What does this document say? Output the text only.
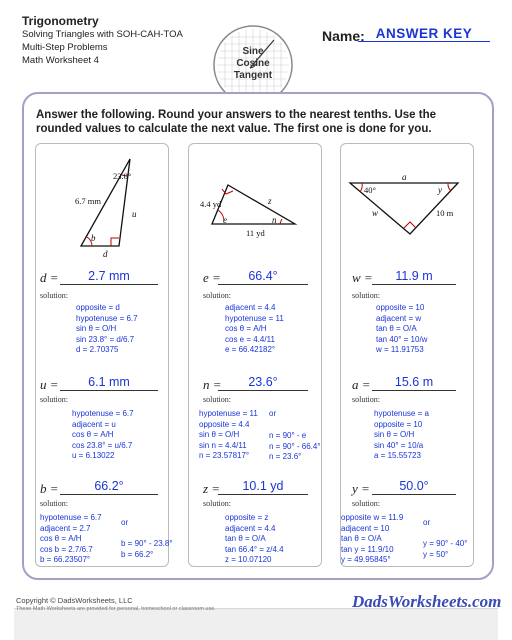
Trigonometry
Solving Triangles with SOH-CAH-TOA
Multi-Step Problems
Math Worksheet 4
Sine
Cosine
Tangent
Name: ANSWER KEY
Answer the following. Round your answers to the nearest tenths. Use the rounded values to calculate the next value. The first one is done for you.
23.8°
6.7 mm
u
d
b
d =	2.7 mm
solution:
opposite = d
hypotenuse = 6.7
sin θ = O/H
sin 23.8° = d/6.7
d = 2.70375
u =	6.1 mm
solution:
hypotenuse = 6.7
adjacent = u
cos θ = A/H
cos 23.8° = u/6.7
u = 6.13022
b =	66.2°
solution:
hypotenuse = 6.7
adjacent = 2.7
cos θ = A/H
cos b = 2.7/6.7
b = 66.23507°
or
b = 90° - 23.8°
b = 66.2°
4.4 yd
11 yd
z
e	n
e =	66.4°
solution:
adjacent = 4.4
hypotenuse = 11
cos θ = A/H
cos e = 4.4/11
e = 66.42182°
n =	23.6°
solution:
hypotenuse = 11
opposite = 4.4
sin θ = O/H
sin n = 4.4/11
n = 23.57817°
or
n = 90° - e
n = 90° - 66.4°
n = 23.6°
z =	10.1 yd
solution:
opposite = z
adjacent = 4.4
tan θ = O/A
tan 66.4° = z/4.4
z = 10.07120
a
40°	y
w	10 m
w =	11.9 m
solution:
opposite = 10
adjacent = w
tan θ = O/A
tan 40° = 10/w
w = 11.91753
a =	15.6 m
solution:
hypotenuse = a
opposite = 10
sin θ = O/H
sin 40° = 10/a
a = 15.55723
y =	50.0°
solution:
opposite w = 11.9
adjacent = 10
tan θ = O/A
tan y = 11.9/10
y = 49.95845°
or
y = 90° - 40°
y = 50°
Copyright © DadsWorksheets, LLC
These Math Worksheets are provided for personal, homeschool or classroom use.	DadsWorksheets.com
